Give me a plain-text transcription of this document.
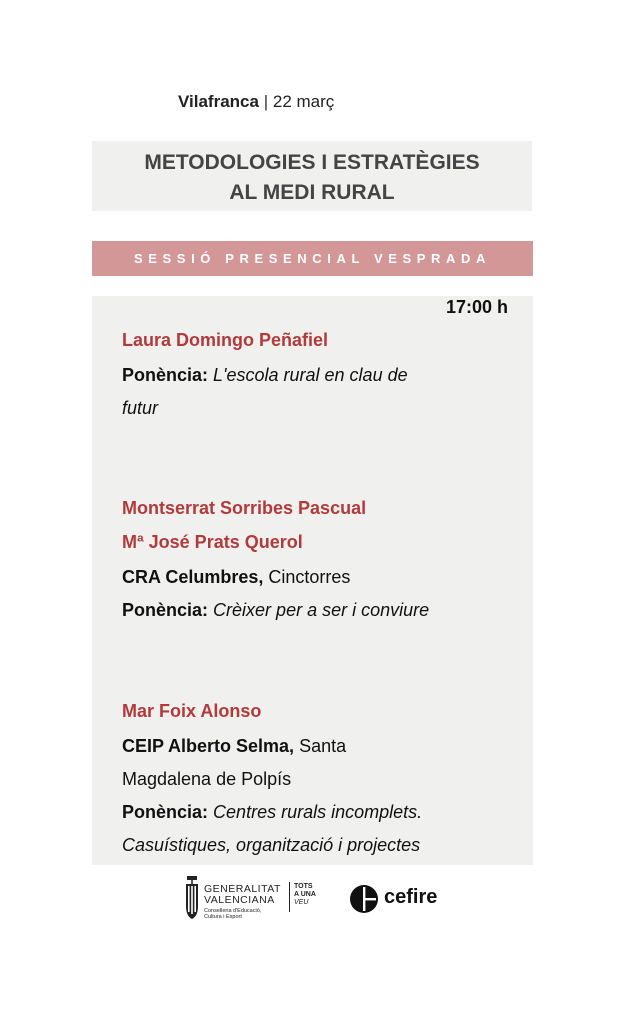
Vilafranca | 22 març
METODOLOGIES I ESTRATÈGIES
AL MEDI RURAL
SESSIÓ PRESENCIAL VESPRADA
17:00 h
Laura Domingo Peñafiel
Ponència: L'escola rural en clau de
futur
Montserrat Sorribes Pascual
Mª José Prats Querol
CRA Celumbres, Cinctorres
Ponència: Crèixer per a ser i conviure
Mar Foix Alonso
CEIP Alberto Selma, Santa
Magdalena de Polpís
Ponència: Centres rurals incomplets.
Casuístiques, organització i projectes
GENERALITAT
VALENCIANA
Conselleria d'Educació,
Cultura i Esport
TOTS
A UNA
VEU	cefire
